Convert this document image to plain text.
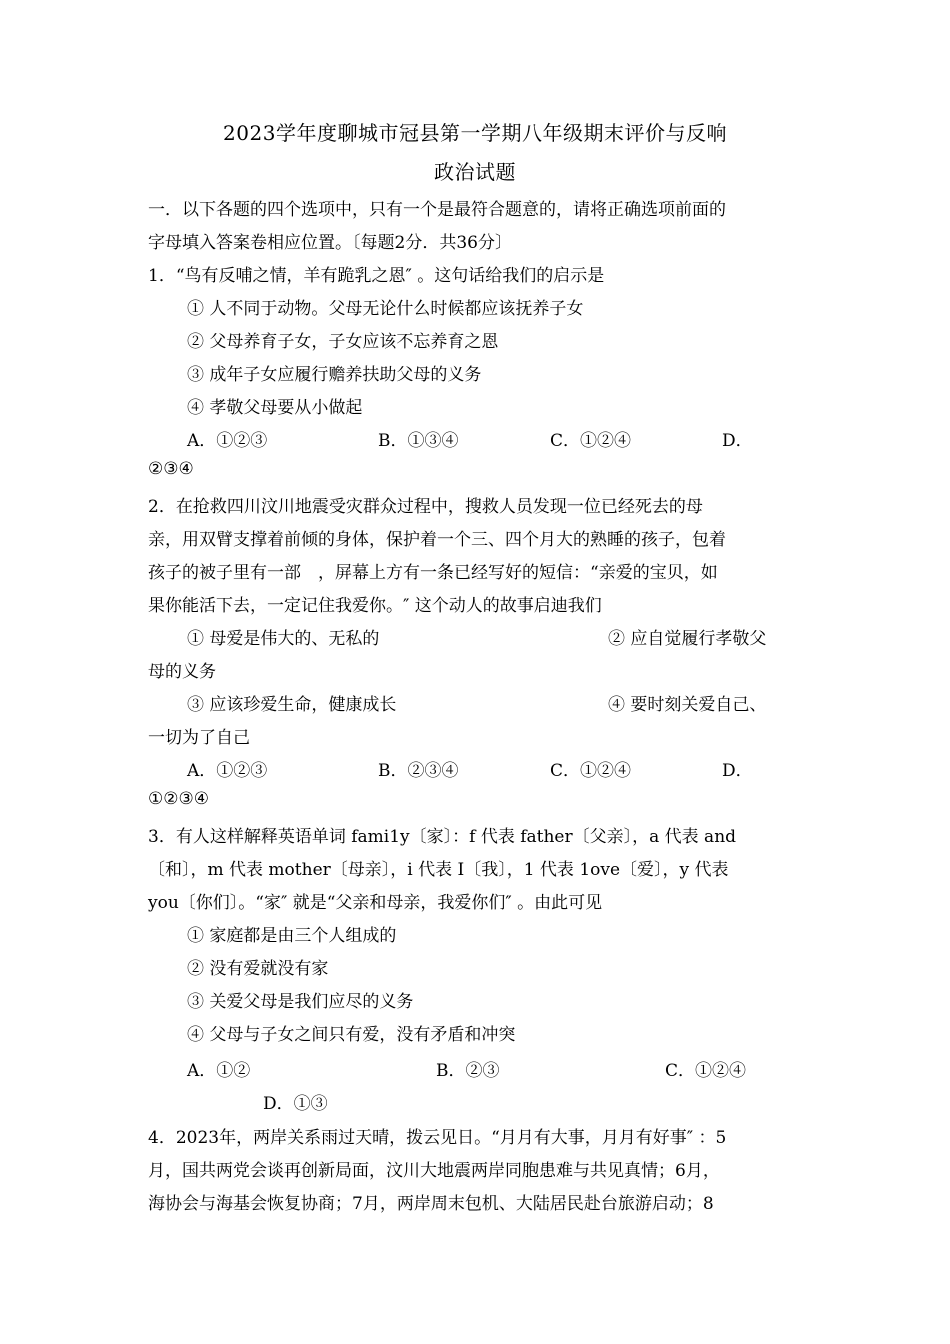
2023学年度聊城市冠县第一学期八年级期末评价与反响
政治试题
一．以下各题的四个选项中，只有一个是最符合题意的，请将正确选项前面的
字母填入答案卷相应位置。〔每题2分．共36分〕
1．“鸟有反哺之情，羊有跪乳之恩″ 。这句话给我们的启示是
① 人不同于动物。父母无论什么时候都应该抚养子女
② 父母养育子女，子女应该不忘养育之恩
③ 成年子女应履行赡养扶助父母的义务
④ 孝敬父母要从小做起
A．①②③	B．①③④	C．①②④	D．
②③④
2．在抢救四川汶川地震受灾群众过程中，搜救人员发现一位已经死去的母
亲，用双臂支撑着前倾的身体，保护着一个三、四个月大的熟睡的孩子，包着
孩子的被子里有一部　，屏幕上方有一条已经写好的短信：“亲爱的宝贝，如
果你能活下去，一定记住我爱你。″ 这个动人的故事启迪我们
① 母爱是伟大的、无私的	② 应自觉履行孝敬父
母的义务
③ 应该珍爱生命，健康成长	④ 要时刻关爱自己、
一切为了自己
A．①②③	B．②③④	C．①②④	D．
①②③④
3．有人这样解释英语单词 fami1y〔家〕：f 代表 father〔父亲〕，a 代表 and
〔和〕，m 代表 mother〔母亲〕，i 代表 I〔我〕，1 代表 1ove〔爱〕，y 代表
you〔你们〕。“家″ 就是“父亲和母亲，我爱你们″ 。由此可见
① 家庭都是由三个人组成的
② 没有爱就没有家
③ 关爱父母是我们应尽的义务
④ 父母与子女之间只有爱，没有矛盾和冲突
A．①②	B．②③	C．①②④
D．①③
4．2023年，两岸关系雨过天晴，拨云见日。“月月有大事，月月有好事″ ：5
月，国共两党会谈再创新局面，汶川大地震两岸同胞患难与共见真情；6月，
海协会与海基会恢复协商；7月，两岸周末包机、大陆居民赴台旅游启动；8
